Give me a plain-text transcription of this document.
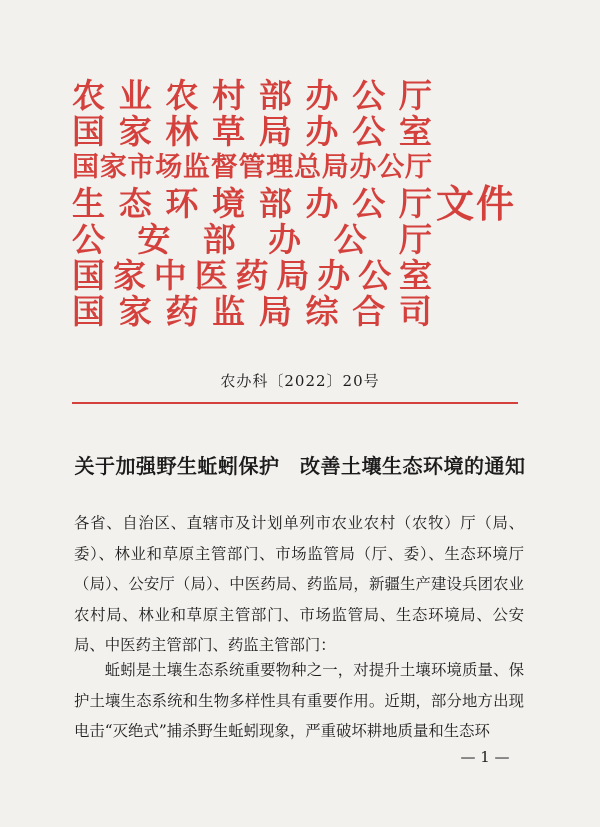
农 业 农 村 部 办 公 厅
国 家 林 草 局 办 公 室
国 家 市 场 监 督 管 理 总 局 办 公 厅
生 态 环 境 部 办 公 厅
公 安 部 办 公 厅
国 家 中 医 药 局 办 公 室
国 家 药 监 局 综 合 司
文件
农办科〔2022〕20号
关于加强野生蚯蚓保护　改善土壤生态环境的通知
各省、自治区、直辖市及计划单列市农业农村（农牧）厅（局、委）、林业和草原主管部门、市场监管局（厅、委）、生态环境厅（局）、公安厅（局）、中医药局、药监局，新疆生产建设兵团农业农村局、林业和草原主管部门、市场监管局、生态环境局、公安局、中医药主管部门、药监主管部门：
蚯蚓是土壤生态系统重要物种之一，对提升土壤环境质量、保护土壤生态系统和生物多样性具有重要作用。近期，部分地方出现电击“灭绝式”捕杀野生蚯蚓现象，严重破坏耕地质量和生态环
— 1 —
